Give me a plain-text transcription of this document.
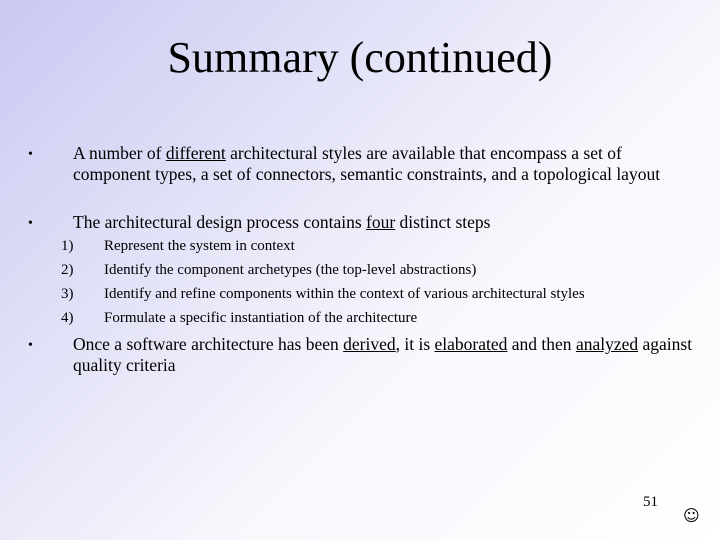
Summary (continued)
• A number of different architectural styles are available that encompass a set of component types, a set of connectors, semantic constraints, and a topological layout
• The architectural design process contains four distinct steps
1) Represent the system in context
2) Identify the component archetypes (the top-level abstractions)
3) Identify and refine components within the context of various architectural styles
4) Formulate a specific instantiation of the architecture
• Once a software architecture has been derived, it is elaborated and then analyzed against quality criteria
51
☺
